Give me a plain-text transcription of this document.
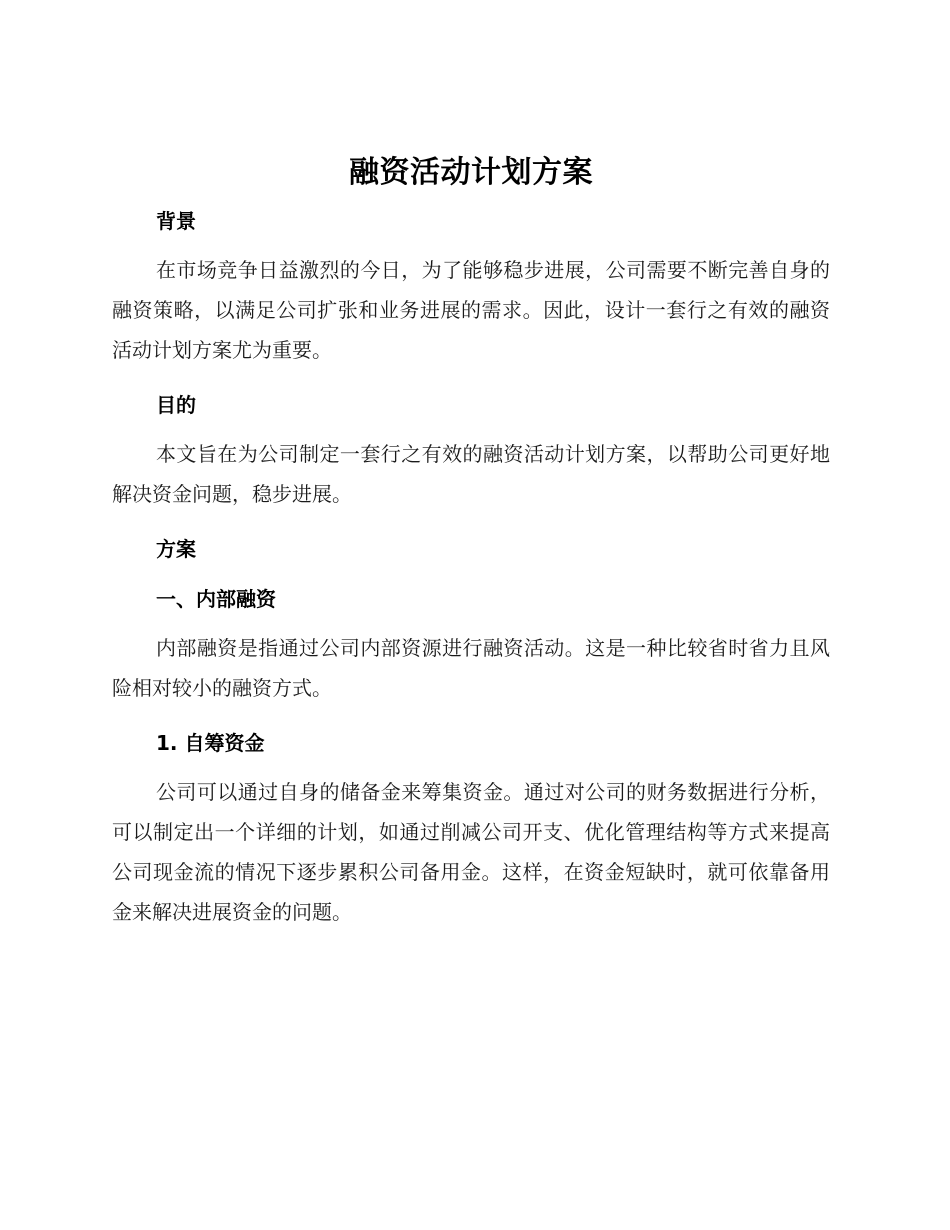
融资活动计划方案
背景

在市场竞争日益激烈的今日，为了能够稳步进展，公司需要不断完善自身的融资策略，以满足公司扩张和业务进展的需求。因此，设计一套行之有效的融资活动计划方案尤为重要。

目的

本文旨在为公司制定一套行之有效的融资活动计划方案，以帮助公司更好地解决资金问题，稳步进展。

方案
一、内部融资

内部融资是指通过公司内部资源进行融资活动。这是一种比较省时省力且风险相对较小的融资方式。

1. 自筹资金

公司可以通过自身的储备金来筹集资金。通过对公司的财务数据进行分析，可以制定出一个详细的计划，如通过削减公司开支、优化管理结构等方式来提高公司现金流的情况下逐步累积公司备用金。这样，在资金短缺时，就可依靠备用金来解决进展资金的问题。
